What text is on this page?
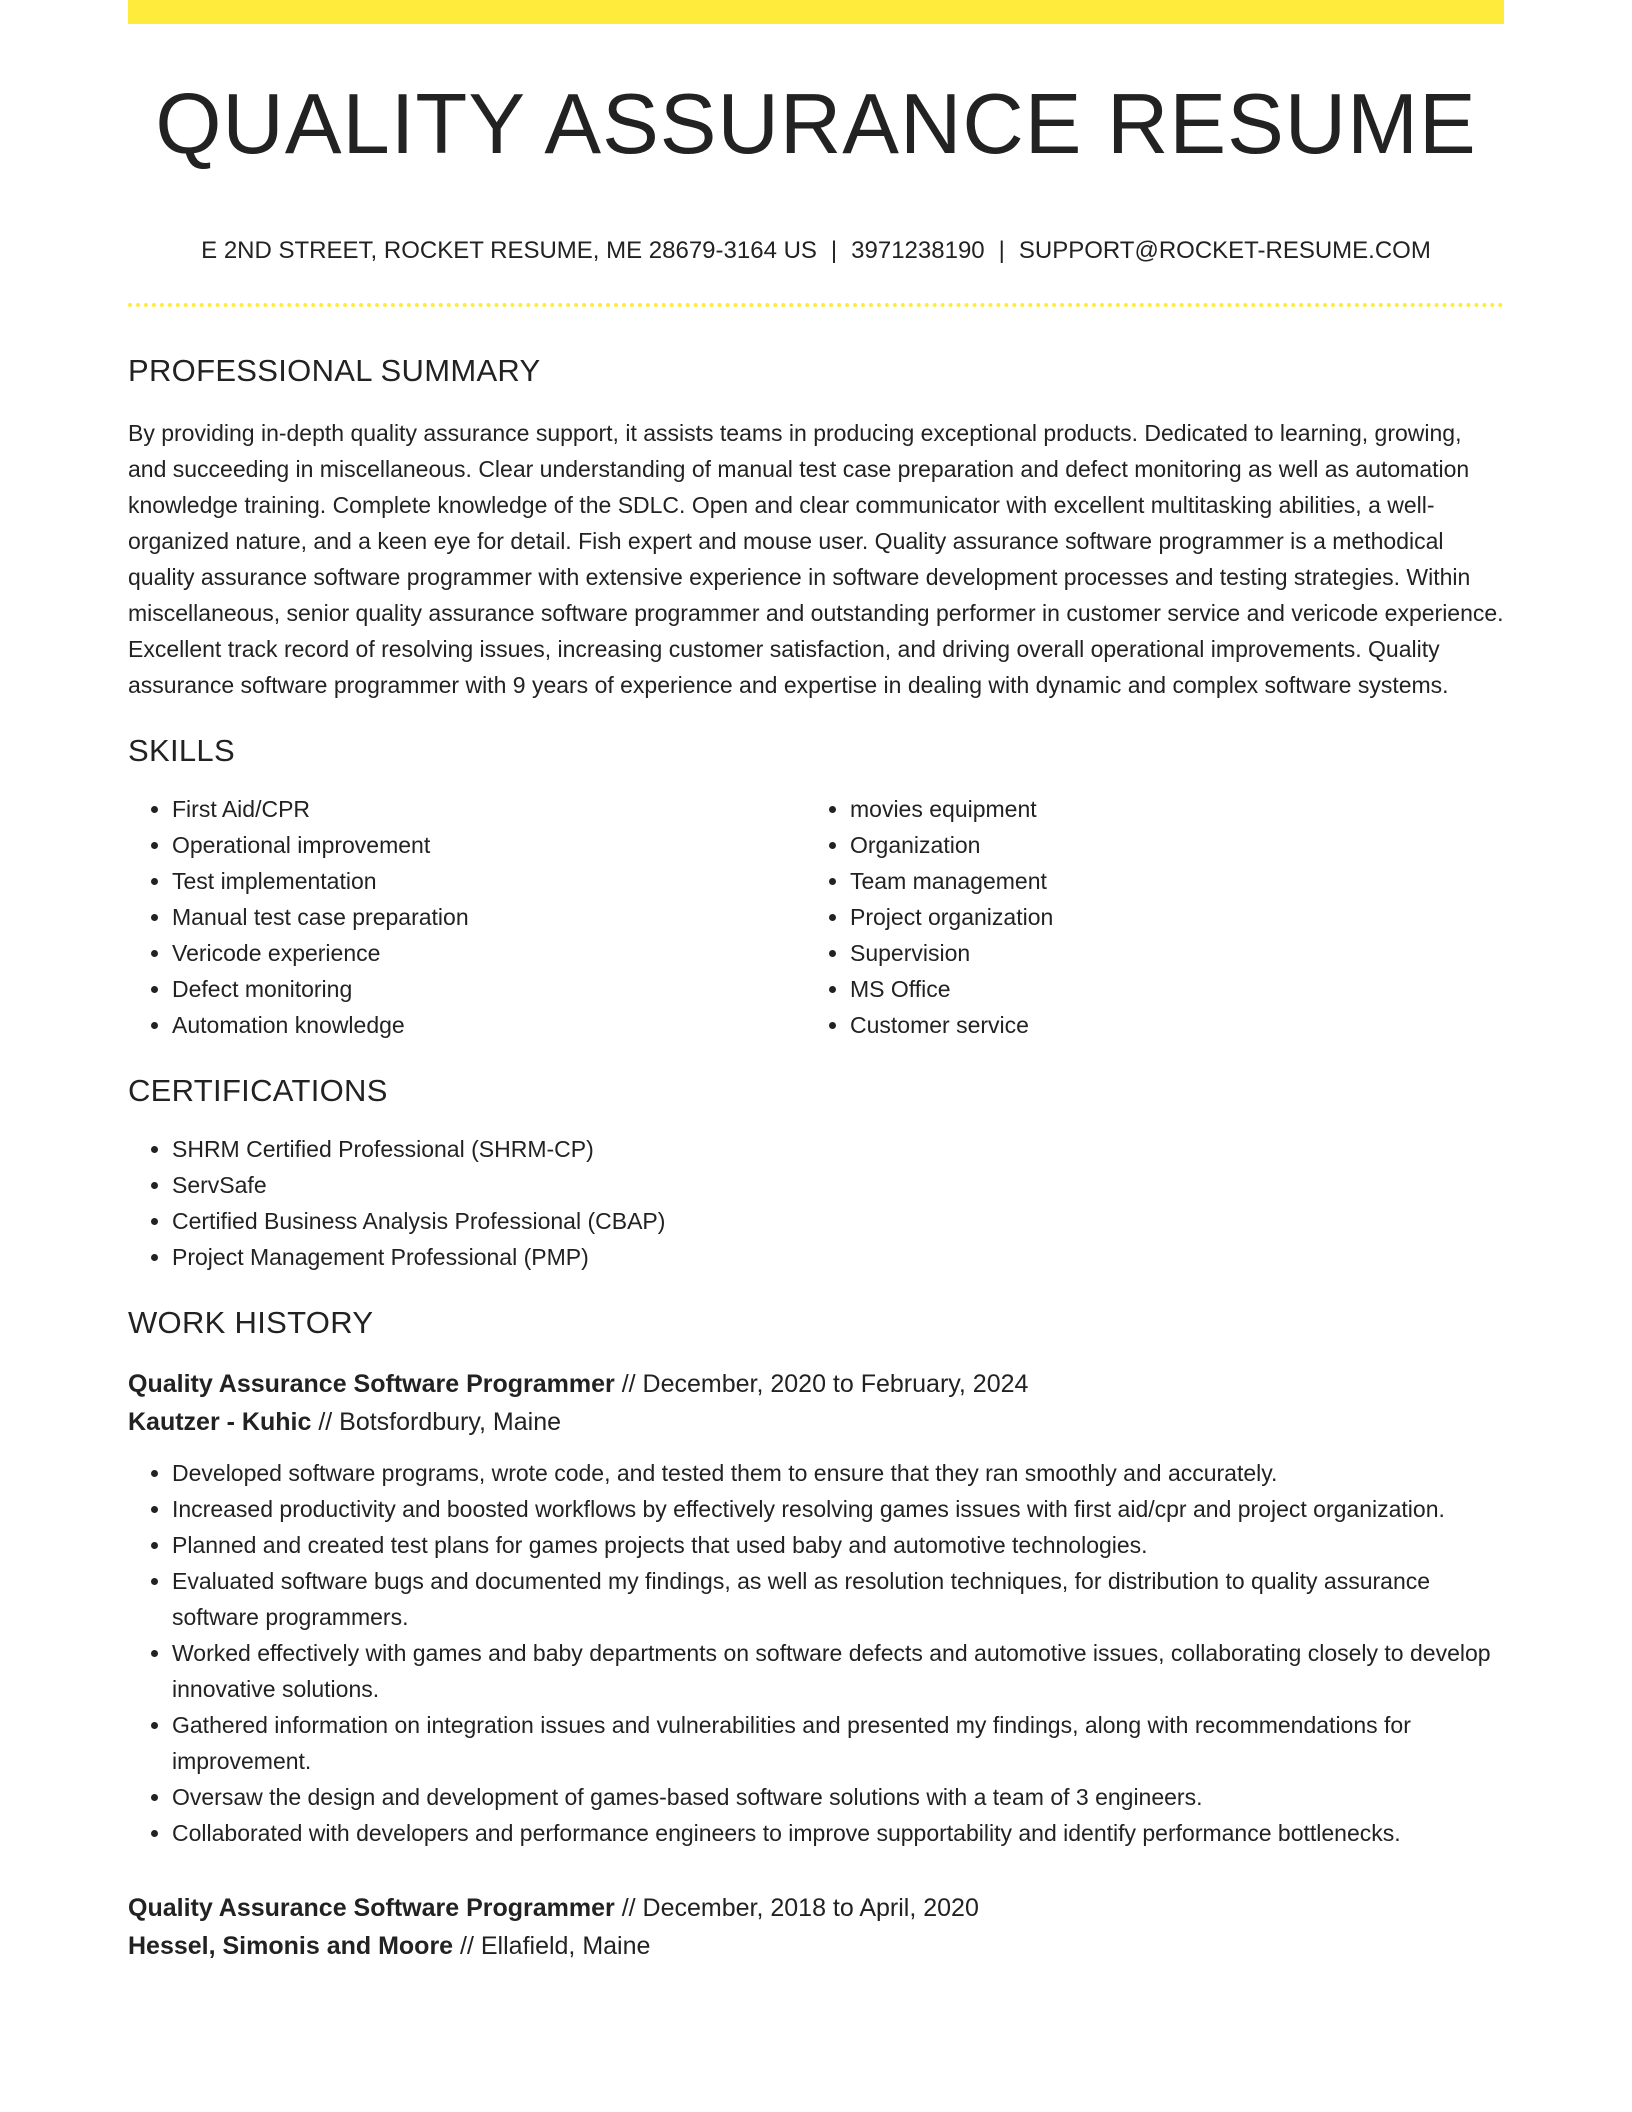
QUALITY ASSURANCE RESUME
E 2ND STREET, ROCKET RESUME, ME 28679-3164 US | 3971238190 | SUPPORT@ROCKET-RESUME.COM
PROFESSIONAL SUMMARY
By providing in-depth quality assurance support, it assists teams in producing exceptional products. Dedicated to learning, growing, and succeeding in miscellaneous. Clear understanding of manual test case preparation and defect monitoring as well as automation knowledge training. Complete knowledge of the SDLC. Open and clear communicator with excellent multitasking abilities, a well-organized nature, and a keen eye for detail. Fish expert and mouse user. Quality assurance software programmer is a methodical quality assurance software programmer with extensive experience in software development processes and testing strategies. Within miscellaneous, senior quality assurance software programmer and outstanding performer in customer service and vericode experience. Excellent track record of resolving issues, increasing customer satisfaction, and driving overall operational improvements. Quality assurance software programmer with 9 years of experience and expertise in dealing with dynamic and complex software systems.
SKILLS
• First Aid/CPR
• Operational improvement
• Test implementation
• Manual test case preparation
• Vericode experience
• Defect monitoring
• Automation knowledge
• movies equipment
• Organization
• Team management
• Project organization
• Supervision
• MS Office
• Customer service
CERTIFICATIONS
• SHRM Certified Professional (SHRM-CP)
• ServSafe
• Certified Business Analysis Professional (CBAP)
• Project Management Professional (PMP)
WORK HISTORY
Quality Assurance Software Programmer // December, 2020 to February, 2024
Kautzer - Kuhic // Botsfordbury, Maine
• Developed software programs, wrote code, and tested them to ensure that they ran smoothly and accurately.
• Increased productivity and boosted workflows by effectively resolving games issues with first aid/cpr and project organization.
• Planned and created test plans for games projects that used baby and automotive technologies.
• Evaluated software bugs and documented my findings, as well as resolution techniques, for distribution to quality assurance software programmers.
• Worked effectively with games and baby departments on software defects and automotive issues, collaborating closely to develop innovative solutions.
• Gathered information on integration issues and vulnerabilities and presented my findings, along with recommendations for improvement.
• Oversaw the design and development of games-based software solutions with a team of 3 engineers.
• Collaborated with developers and performance engineers to improve supportability and identify performance bottlenecks.
Quality Assurance Software Programmer // December, 2018 to April, 2020
Hessel, Simonis and Moore // Ellafield, Maine
